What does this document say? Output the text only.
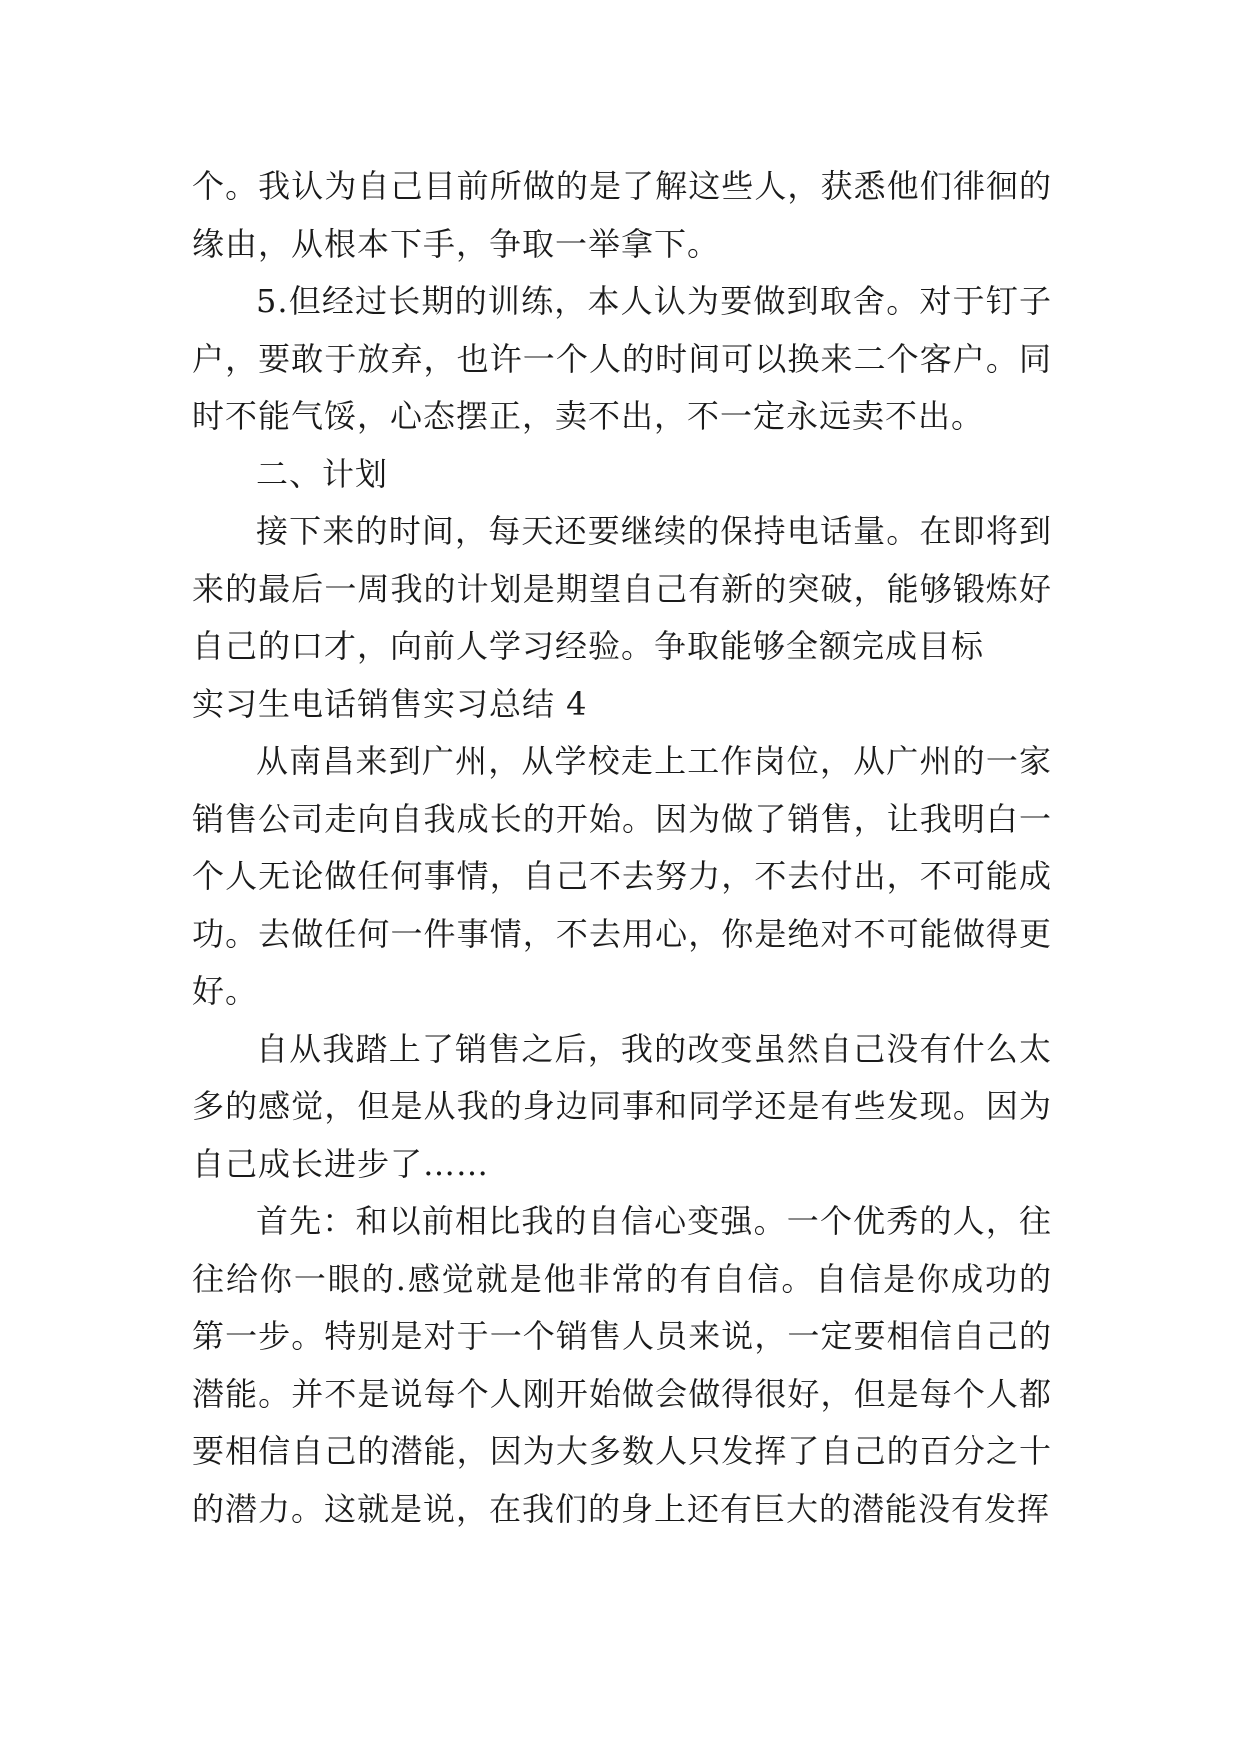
个。我认为自己目前所做的是了解这些人，获悉他们徘徊的缘由，从根本下手，争取一举拿下。

5.但经过长期的训练，本人认为要做到取舍。对于钉子户，要敢于放弃，也许一个人的时间可以换来二个客户。同时不能气馁，心态摆正，卖不出，不一定永远卖不出。

二、计划

接下来的时间，每天还要继续的保持电话量。在即将到来的最后一周我的计划是期望自己有新的突破，能够锻炼好自己的口才，向前人学习经验。争取能够全额完成目标

实习生电话销售实习总结 4

从南昌来到广州，从学校走上工作岗位，从广州的一家销售公司走向自我成长的开始。因为做了销售，让我明白一个人无论做任何事情，自己不去努力，不去付出，不可能成功。去做任何一件事情，不去用心，你是绝对不可能做得更好。

自从我踏上了销售之后，我的改变虽然自己没有什么太多的感觉，但是从我的身边同事和同学还是有些发现。因为自己成长进步了……

首先：和以前相比我的自信心变强。一个优秀的人，往往给你一眼的.感觉就是他非常的有自信。自信是你成功的第一步。特别是对于一个销售人员来说，一定要相信自己的潜能。并不是说每个人刚开始做会做得很好，但是每个人都要相信自己的潜能，因为大多数人只发挥了自己的百分之十的潜力。这就是说，在我们的身上还有巨大的潜能没有发挥
